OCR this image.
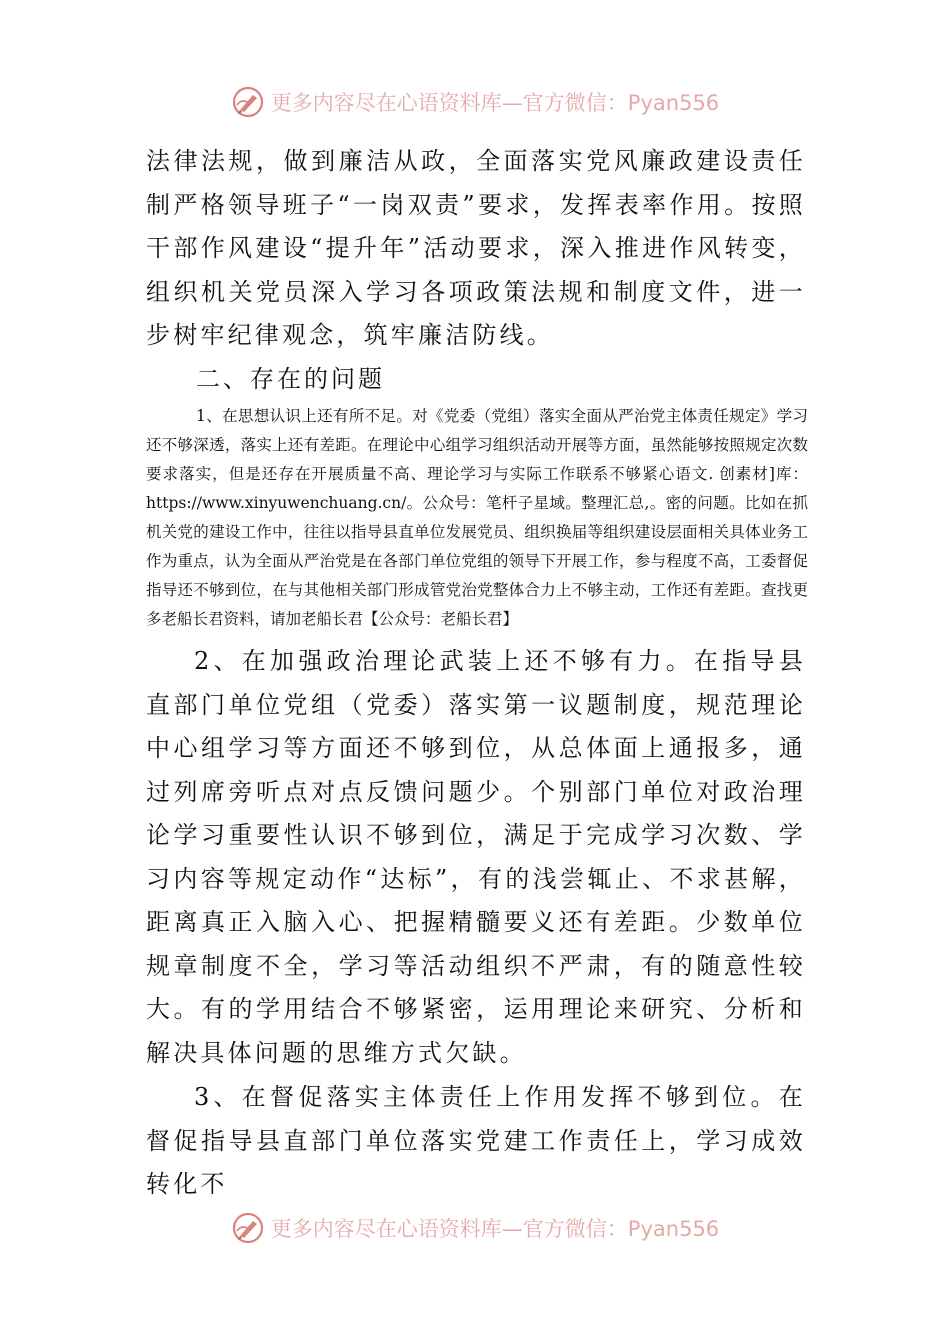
更多内容尽在心语资料库—官方微信：Pyan556

法律法规，做到廉洁从政，全面落实党风廉政建设责任制严格领导班子“一岗双责”要求，发挥表率作用。按照干部作风建设“提升年”活动要求，深入推进作风转变，组织机关党员深入学习各项政策法规和制度文件，进一步树牢纪律观念，筑牢廉洁防线。

二、存在的问题

1、在思想认识上还有所不足。对《党委（党组）落实全面从严治党主体责任规定》学习还不够深透，落实上还有差距。在理论中心组学习组织活动开展等方面，虽然能够按照规定次数要求落实，但是还存在开展质量不高、理论学习与实际工作联系不够紧心语文. 创素材]库：https://www.xinyuwenchuang.cn/。公众号：笔杆子星域。整理汇总,。密的问题。比如在抓机关党的建设工作中，往往以指导县直单位发展党员、组织换届等组织建设层面相关具体业务工作为重点，认为全面从严治党是在各部门单位党组的领导下开展工作，参与程度不高，工委督促指导还不够到位，在与其他相关部门形成管党治党整体合力上不够主动，工作还有差距。查找更多老船长君资料，请加老船长君【公众号：老船长君】

2、在加强政治理论武装上还不够有力。在指导县直部门单位党组（党委）落实第一议题制度，规范理论中心组学习等方面还不够到位，从总体面上通报多，通过列席旁听点对点反馈问题少。个别部门单位对政治理论学习重要性认识不够到位，满足于完成学习次数、学习内容等规定动作“达标”，有的浅尝辄止、不求甚解，距离真正入脑入心、把握精髓要义还有差距。少数单位规章制度不全，学习等活动组织不严肃，有的随意性较大。有的学用结合不够紧密，运用理论来研究、分析和解决具体问题的思维方式欠缺。

3、在督促落实主体责任上作用发挥不够到位。在督促指导县直部门单位落实党建工作责任上，学习成效转化不

更多内容尽在心语资料库—官方微信：Pyan556
